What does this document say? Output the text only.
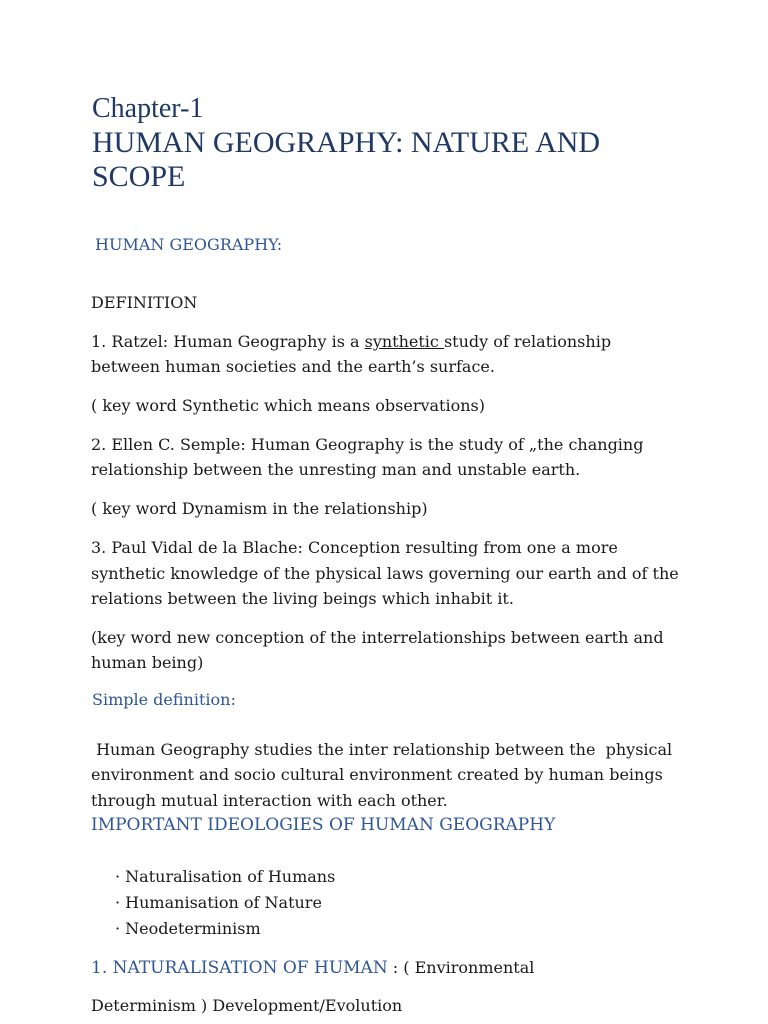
Chapter-1
HUMAN GEOGRAPHY: NATURE AND SCOPE
HUMAN GEOGRAPHY:
DEFINITION
1. Ratzel: Human Geography is a synthetic study of relationship
between human societies and the earth’s surface.
( key word Synthetic which means observations)
2. Ellen C. Semple: Human Geography is the study of „the changing
relationship between the unresting man and unstable earth.
( key word Dynamism in the relationship)
3. Paul Vidal de la Blache: Conception resulting from one a more
synthetic knowledge of the physical laws governing our earth and of the
relations between the living beings which inhabit it.
(key word new conception of the interrelationships between earth and
human being)
Simple definition:
Human Geography studies the inter relationship between the  physical
environment and socio cultural environment created by human beings
through mutual interaction with each other.
IMPORTANT IDEOLOGIES OF HUMAN GEOGRAPHY
· Naturalisation of Humans
· Humanisation of Nature
· Neodeterminism
1. NATURALISATION OF HUMAN : ( Environmental
Determinism ) Development/Evolution
